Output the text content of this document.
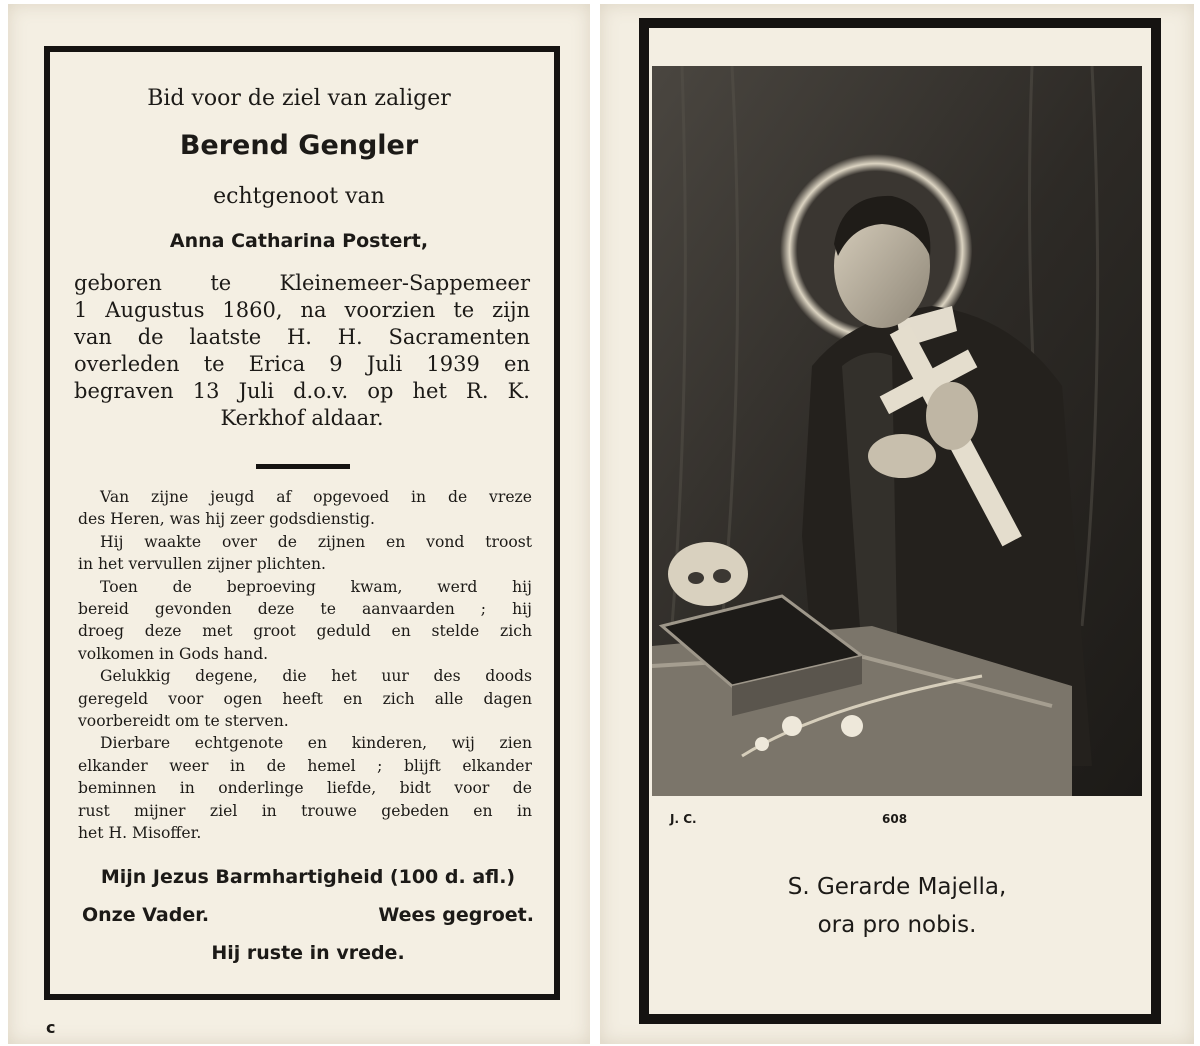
Bid voor de ziel van zaliger
Berend Gengler
echtgenoot van
Anna Catharina Postert,
geboren te Kleinemeer-Sappemeer
1 Augustus 1860, na voorzien te zijn
van de laatste H. H. Sacramenten
overleden te Erica 9 Juli 1939 en
begraven 13 Juli d.o.v. op het R. K.
Kerkhof aldaar.
Van zijne jeugd af opgevoed in de vreze
des Heren, was hij zeer godsdienstig.
Hij waakte over de zijnen en vond troost
in het vervullen zijner plichten.
Toen de beproeving kwam, werd hij
bereid gevonden deze te aanvaarden ; hij
droeg deze met groot geduld en stelde zich
volkomen in Gods hand.
Gelukkig degene, die het uur des doods
geregeld voor ogen heeft en zich alle dagen
voorbereidt om te sterven.
Dierbare echtgenote en kinderen, wij zien
elkander weer in de hemel ; blijft elkander
beminnen in onderlinge liefde, bidt voor de
rust mijner ziel in trouwe gebeden en in
het H. Misoffer.
Mijn Jezus Barmhartigheid (100 d. afl.)
Onze Vader.	Wees gegroet.
Hij ruste in vrede.
c
J. C.	608
S. Gerarde Majella,
ora pro nobis.
